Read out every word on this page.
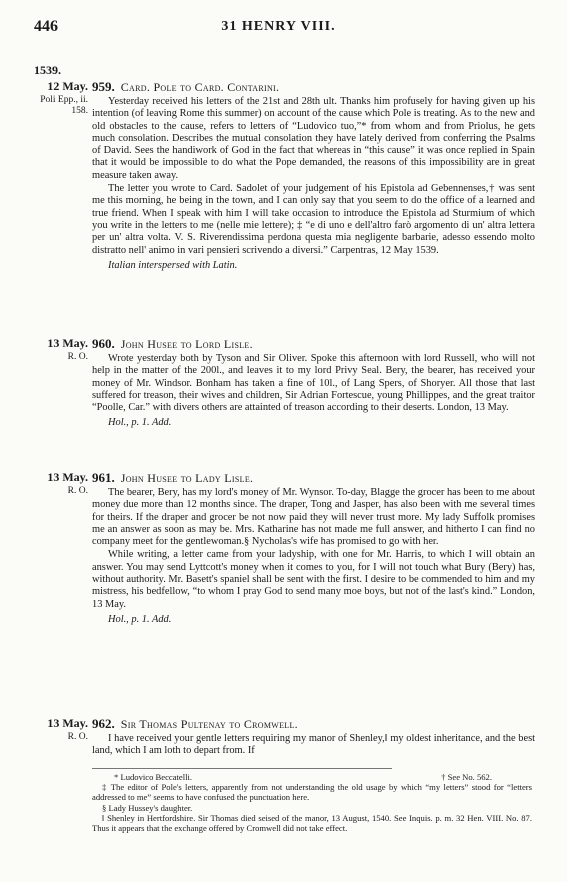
446	31 HENRY VIII.
1539.
12 May.
Poli Epp., ii. 158.

959. Card. Pole to Card. Contarini.

Yesterday received his letters of the 21st and 28th ult. Thanks him profusely for having given up his intention (of leaving Rome this summer) on account of the cause which Pole is treating. As to the new and old obstacles to the cause, refers to letters of “Ludovico tuo,”* from whom and from Priolus, he gets much consolation. Describes the mutual consolation they have lately derived from conferring the Psalms of David. Sees the handiwork of God in the fact that whereas in “this cause” it was once replied in Spain that it would be impossible to do what the Pope demanded, the reasons of this impossibility are in great measure taken away.

The letter you wrote to Card. Sadolet of your judgement of his Epistola ad Gebennenses,† was sent me this morning, he being in the town, and I can only say that you seem to do the office of a learned and true friend. When I speak with him I will take occasion to introduce the Epistola ad Sturmium of which you write in the letters to me (nelle mie lettere); ‡ “e di uno e dell'altro farò argomento di un' altra lettera per un' altra volta. V. S. Riverendissima perdona questa mia negligente barbarie, adesso essendo molto distratto nell' animo in vari pensieri scrivendo a diversi.” Carpentras, 12 May 1539.

Italian interspersed with Latin.

13 May.
R. O.

960. John Husee to Lord Lisle.

Wrote yesterday both by Tyson and Sir Oliver. Spoke this afternoon with lord Russell, who will not help in the matter of the 200l., and leaves it to my lord Privy Seal. Bery, the bearer, has received your money of Mr. Windsor. Bonham has taken a fine of 10l., of Lang Spers, of Shoryer. All those that last suffered for treason, their wives and children, Sir Adrian Fortescue, young Phillippes, and the great traitor “Poolle, Car.” with divers others are attainted of treason according to their deserts. London, 13 May.

Hol., p. 1. Add.

13 May.
R. O.

961. John Husee to Lady Lisle.

The bearer, Bery, has my lord's money of Mr. Wynsor. To-day, Blagge the grocer has been to me about money due more than 12 months since. The draper, Tong and Jasper, has also been with me several times for theirs. If the draper and grocer be not now paid they will never trust more. My lady Suffolk promises me an answer as soon as may be. Mrs. Katharine has not made me full answer, and hitherto I can find no company meet for the gentlewoman.§ Nycholas's wife has promised to go with her.

While writing, a letter came from your ladyship, with one for Mr. Harris, to which I will obtain an answer. You may send Lyttcott's money when it comes to you, for I will not touch what Bury (Bery) has, without authority. Mr. Basett's spaniel shall be sent with the first. I desire to be commended to him and my mistress, his bedfellow, “to whom I pray God to send many moe boys, but not of the last's kind.” London, 13 May.

Hol., p. 1. Add.

13 May.
R. O.

962. Sir Thomas Pultenay to Cromwell.

I have received your gentle letters requiring my manor of Shenley,‖ my oldest inheritance, and the best land, which I am loth to depart from. If

* Ludovico Beccatelli.	† See No. 562.

‡ The editor of Pole's letters, apparently from not understanding the old usage by which “my letters” stood for “letters addressed to me” seems to have confused the punctuation here.

§ Lady Hussey's daughter.

‖ Shenley in Hertfordshire. Sir Thomas died seised of the manor, 13 August, 1540. See Inquis. p. m. 32 Hen. VIII. No. 87. Thus it appears that the exchange offered by Cromwell did not take effect.
